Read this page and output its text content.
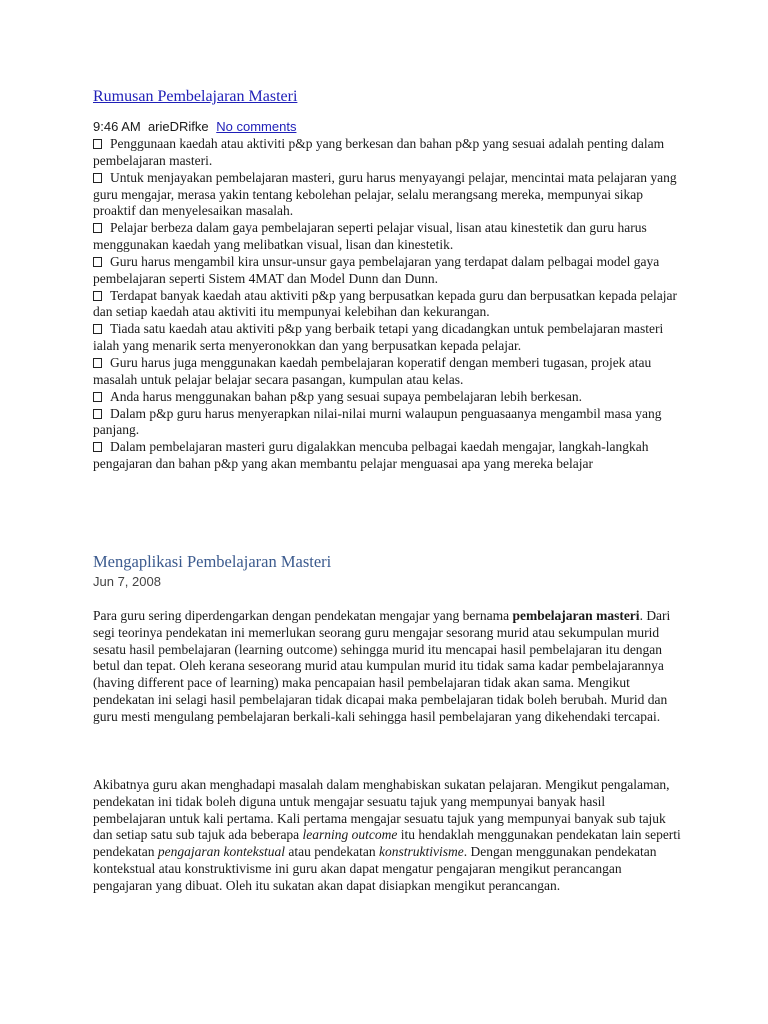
Rumusan Pembelajaran Masteri
9:46 AM arieDRifke No comments

Penggunaan kaedah atau aktiviti p&p yang berkesan dan bahan p&p yang sesuai adalah penting dalam pembelajaran masteri.

Untuk menjayakan pembelajaran masteri, guru harus menyayangi pelajar, mencintai mata pelajaran yang guru mengajar, merasa yakin tentang kebolehan pelajar, selalu merangsang mereka, mempunyai sikap proaktif dan menyelesaikan masalah.

Pelajar berbeza dalam gaya pembelajaran seperti pelajar visual, lisan atau kinestetik dan guru harus menggunakan kaedah yang melibatkan visual, lisan dan kinestetik.

Guru harus mengambil kira unsur-unsur gaya pembelajaran yang terdapat dalam pelbagai model gaya pembelajaran seperti Sistem 4MAT dan Model Dunn dan Dunn.

Terdapat banyak kaedah atau aktiviti p&p yang berpusatkan kepada guru dan berpusatkan kepada pelajar dan setiap kaedah atau aktiviti itu mempunyai kelebihan dan kekurangan.

Tiada satu kaedah atau aktiviti p&p yang berbaik tetapi yang dicadangkan untuk pembelajaran masteri ialah yang menarik serta menyeronokkan dan yang berpusatkan kepada pelajar.

Guru harus juga menggunakan kaedah pembelajaran koperatif dengan memberi tugasan, projek atau masalah untuk pelajar belajar secara pasangan, kumpulan atau kelas.

Anda harus menggunakan bahan p&p yang sesuai supaya pembelajaran lebih berkesan.

Dalam p&p guru harus menyerapkan nilai-nilai murni walaupun penguasaanya mengambil masa yang panjang.

Dalam pembelajaran masteri guru digalakkan mencuba pelbagai kaedah mengajar, langkah-langkah pengajaran dan bahan p&p yang akan membantu pelajar menguasai apa yang mereka belajar

Mengaplikasi Pembelajaran Masteri
Jun 7, 2008

Para guru sering diperdengarkan dengan pendekatan mengajar yang bernama pembelajaran masteri. Dari segi teorinya pendekatan ini memerlukan seorang guru mengajar sesorang murid atau sekumpulan murid sesatu hasil pembelajaran (learning outcome) sehingga murid itu mencapai hasil pembelajaran itu dengan betul dan tepat. Oleh kerana seseorang murid atau kumpulan murid itu tidak sama kadar pembelajarannya (having different pace of learning) maka pencapaian hasil pembelajaran tidak akan sama. Mengikut pendekatan ini selagi hasil pembelajaran tidak dicapai maka pembelajaran tidak boleh berubah. Murid dan guru mesti mengulang pembelajaran berkali-kali sehingga hasil pembelajaran yang dikehendaki tercapai.

Akibatnya guru akan menghadapi masalah dalam menghabiskan sukatan pelajaran. Mengikut pengalaman, pendekatan ini tidak boleh diguna untuk mengajar sesuatu tajuk yang mempunyai banyak hasil pembelajaran untuk kali pertama. Kali pertama mengajar sesuatu tajuk yang mempunyai banyak sub tajuk dan setiap satu sub tajuk ada beberapa learning outcome itu hendaklah menggunakan pendekatan lain seperti pendekatan pengajaran kontekstual atau pendekatan konstruktivisme. Dengan menggunakan pendekatan kontekstual atau konstruktivisme ini guru akan dapat mengatur pengajaran mengikut perancangan pengajaran yang dibuat. Oleh itu sukatan akan dapat disiapkan mengikut perancangan.
